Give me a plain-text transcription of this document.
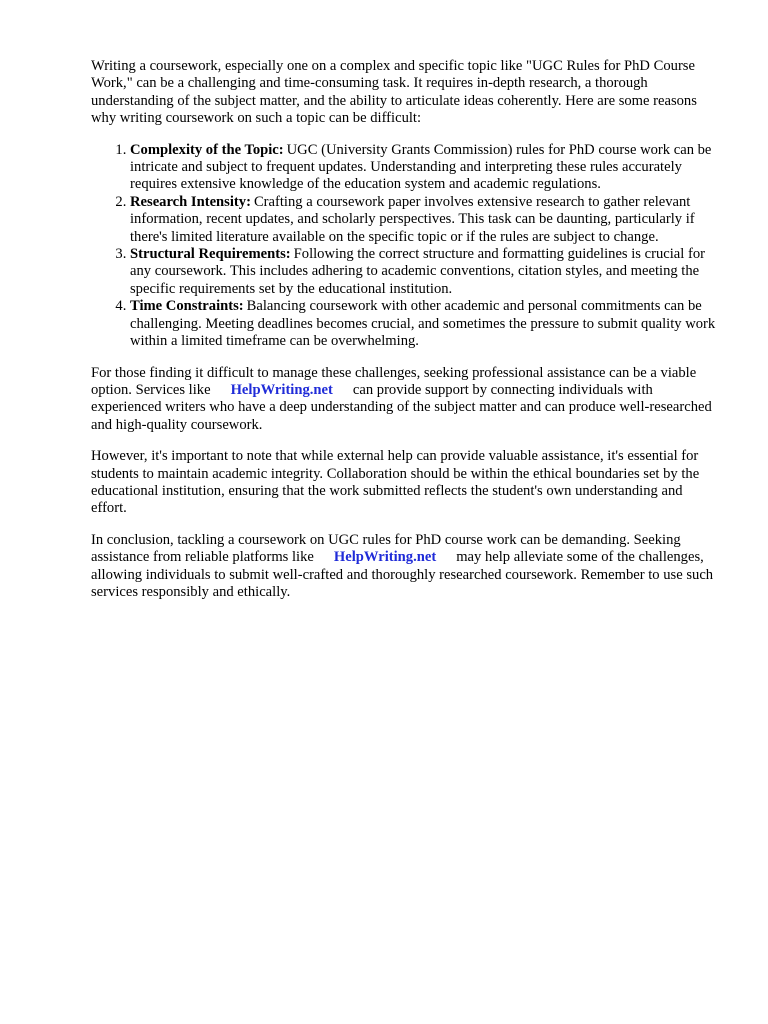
Writing a coursework, especially one on a complex and specific topic like "UGC Rules for PhD Course Work," can be a challenging and time-consuming task. It requires in-depth research, a thorough understanding of the subject matter, and the ability to articulate ideas coherently. Here are some reasons why writing coursework on such a topic can be difficult:

1. Complexity of the Topic: UGC (University Grants Commission) rules for PhD course work can be intricate and subject to frequent updates. Understanding and interpreting these rules accurately requires extensive knowledge of the education system and academic regulations.
2. Research Intensity: Crafting a coursework paper involves extensive research to gather relevant information, recent updates, and scholarly perspectives. This task can be daunting, particularly if there's limited literature available on the specific topic or if the rules are subject to change.
3. Structural Requirements: Following the correct structure and formatting guidelines is crucial for any coursework. This includes adhering to academic conventions, citation styles, and meeting the specific requirements set by the educational institution.
4. Time Constraints: Balancing coursework with other academic and personal commitments can be challenging. Meeting deadlines becomes crucial, and sometimes the pressure to submit quality work within a limited timeframe can be overwhelming.

For those finding it difficult to manage these challenges, seeking professional assistance can be a viable option. Services like HelpWriting.net can provide support by connecting individuals with experienced writers who have a deep understanding of the subject matter and can produce well-researched and high-quality coursework.

However, it's important to note that while external help can provide valuable assistance, it's essential for students to maintain academic integrity. Collaboration should be within the ethical boundaries set by the educational institution, ensuring that the work submitted reflects the student's own understanding and effort.

In conclusion, tackling a coursework on UGC rules for PhD course work can be demanding. Seeking assistance from reliable platforms like HelpWriting.net may help alleviate some of the challenges, allowing individuals to submit well-crafted and thoroughly researched coursework. Remember to use such services responsibly and ethically.
